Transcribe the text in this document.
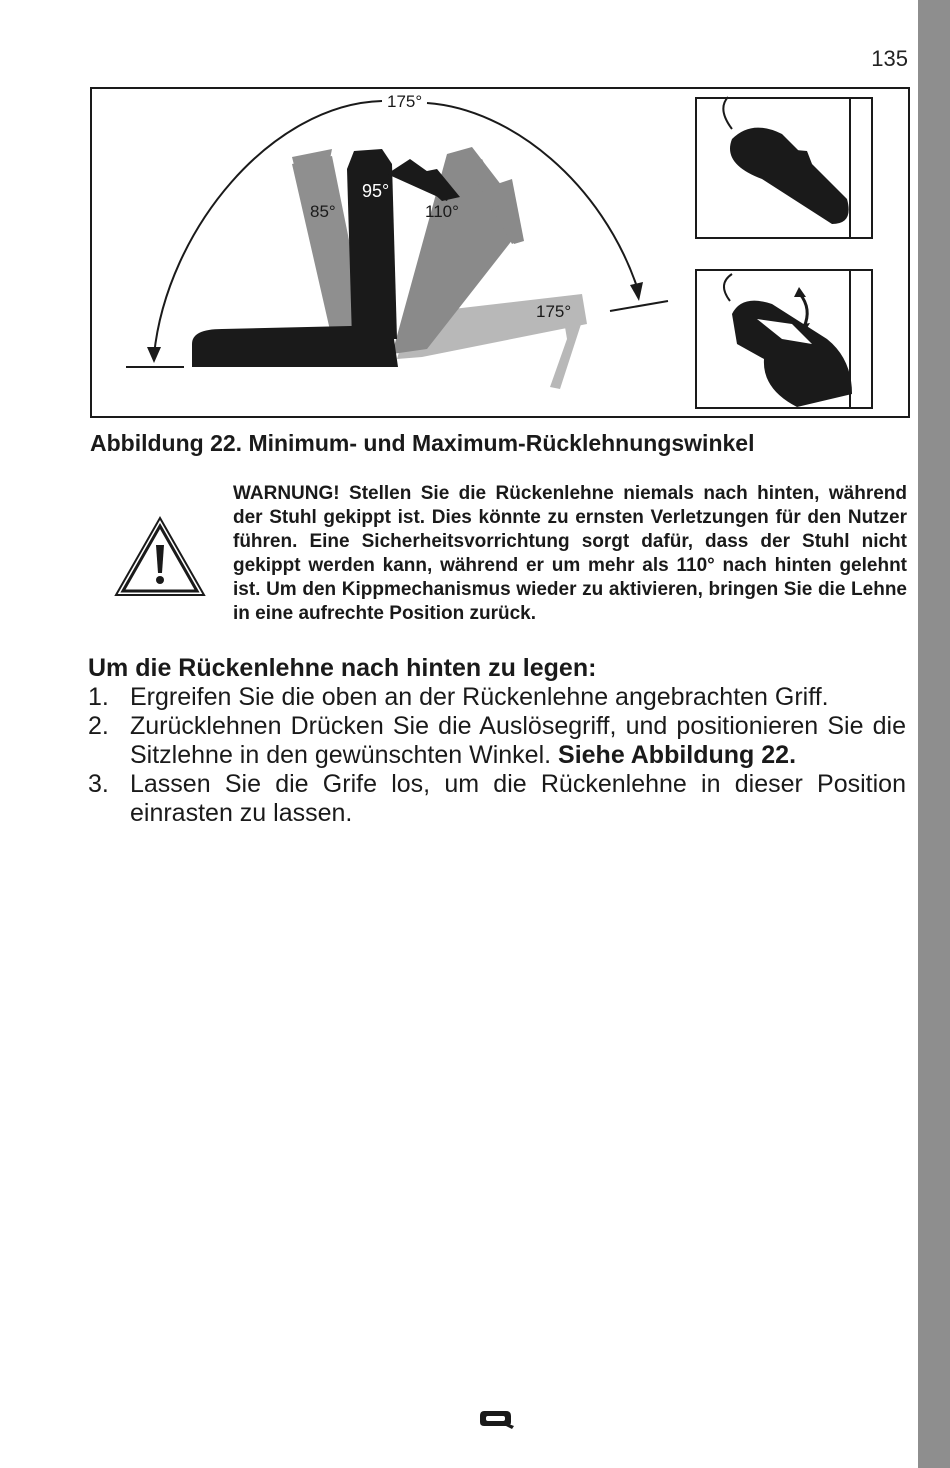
135
175°
85°
95°
110°
175°
Abbildung 22. Minimum- und Maximum-Rücklehnungswinkel
WARNUNG! Stellen Sie die Rückenlehne niemals nach hinten, während der Stuhl gekippt ist. Dies könnte zu ernsten Verletzungen für den Nutzer führen. Eine Sicherheitsvorrichtung sorgt dafür, dass der Stuhl nicht gekippt werden kann, während er um mehr als 110° nach hinten gelehnt ist. Um den Kippmechanismus wieder zu aktivieren, bringen Sie die Lehne in eine aufrechte Position zurück.
Um die Rückenlehne nach hinten zu legen:
1. Ergreifen Sie die oben an der Rückenlehne angebrachten Griff.
2. Zurücklehnen Drücken Sie die Auslösegriff, und positionieren Sie die Sitzlehne in den gewünschten Winkel. Siehe Abbildung 22.
3. Lassen Sie die Grife los, um die Rückenlehne in dieser Position einrasten zu lassen.
